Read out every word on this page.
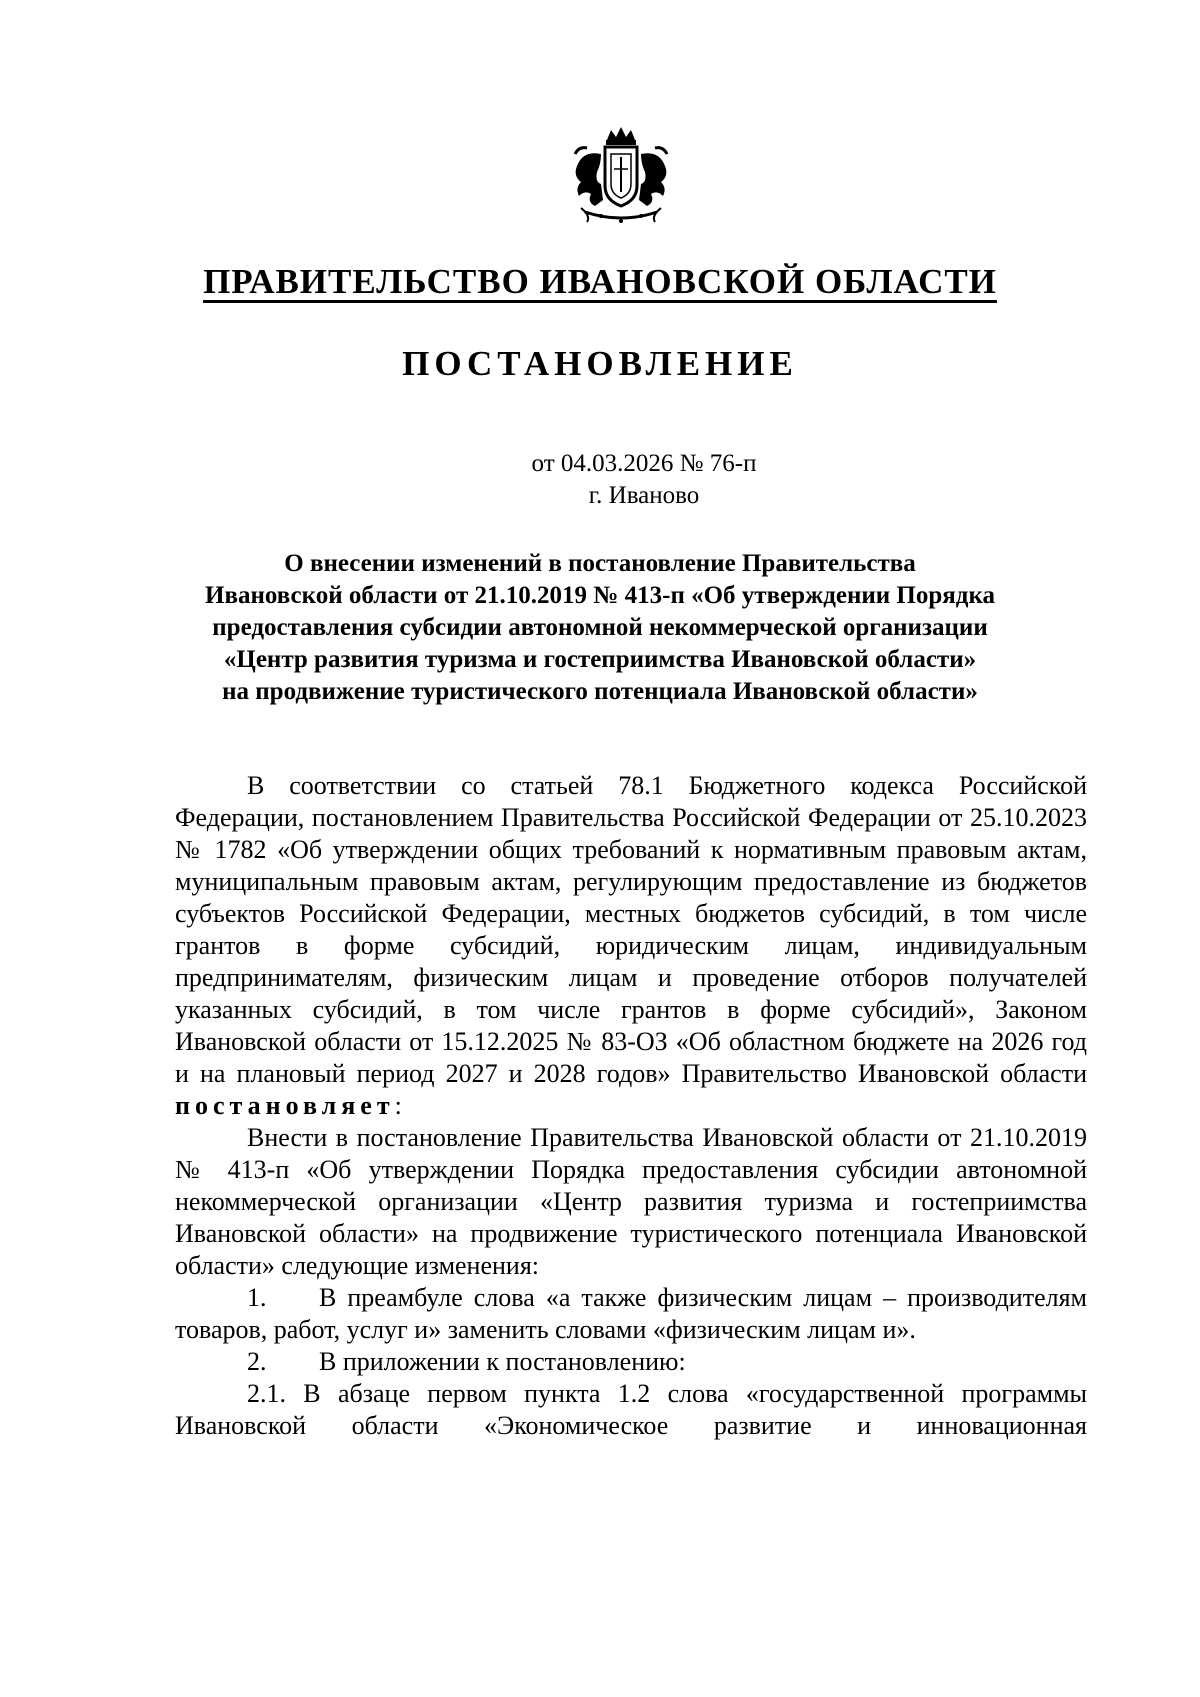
ПРАВИТЕЛЬСТВО ИВАНОВСКОЙ ОБЛАСТИ
ПОСТАНОВЛЕНИЕ
от 04.03.2026 № 76-п
г. Иваново
О внесении изменений в постановление Правительства
Ивановской области от 21.10.2019 № 413-п «Об утверждении Порядка
предоставления субсидии автономной некоммерческой организации
«Центр развития туризма и гостеприимства Ивановской области»
на продвижение туристического потенциала Ивановской области»

В соответствии со статьей 78.1 Бюджетного кодекса Российской Федерации, постановлением Правительства Российской Федерации от 25.10.2023 № 1782 «Об утверждении общих требований к нормативным правовым актам, муниципальным правовым актам, регулирующим предоставление из бюджетов субъектов Российской Федерации, местных бюджетов субсидий, в том числе грантов в форме субсидий, юридическим лицам, индивидуальным предпринимателям, физическим лицам и проведение отборов получателей указанных субсидий, в том числе грантов в форме субсидий», Законом Ивановской области от 15.12.2025 № 83-ОЗ «Об областном бюджете на 2026 год и на плановый период 2027 и 2028 годов» Правительство Ивановской области постановляет:

Внести в постановление Правительства Ивановской области от 21.10.2019 № 413-п «Об утверждении Порядка предоставления субсидии автономной некоммерческой организации «Центр развития туризма и гостеприимства Ивановской области» на продвижение туристического потенциала Ивановской области» следующие изменения:

1. В преамбуле слова «а также физическим лицам – производителям товаров, работ, услуг и» заменить словами «физическим лицам и».

2. В приложении к постановлению:

2.1. В абзаце первом пункта 1.2 слова «государственной программы Ивановской области «Экономическое развитие и инновационная
